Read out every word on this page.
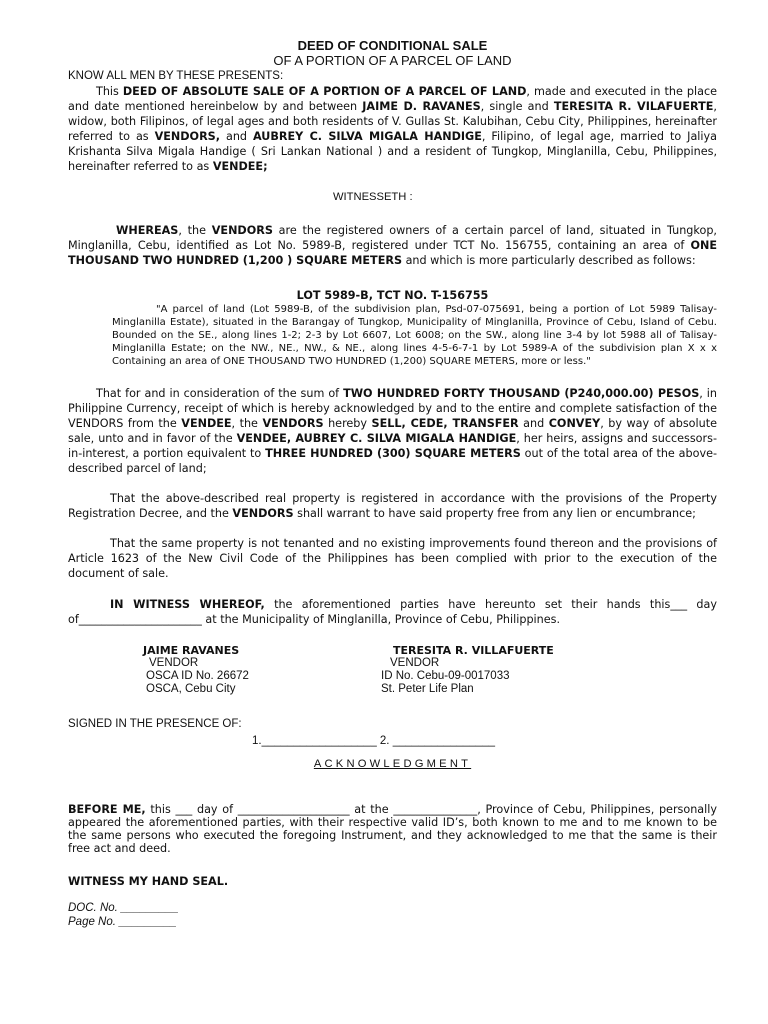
DEED OF CONDITIONAL SALE

OF A PORTION OF A PARCEL OF LAND

KNOW ALL MEN BY THESE PRESENTS:

This DEED OF ABSOLUTE SALE OF A PORTION OF A PARCEL OF LAND, made and executed in the place and date mentioned hereinbelow by and between JAIME D. RAVANES, single and TERESITA R. VILAFUERTE, widow, both Filipinos, of legal ages and both residents of V. Gullas St. Kalubihan, Cebu City, Philippines, hereinafter referred to as VENDORS, and AUBREY C. SILVA MIGALA HANDIGE, Filipino, of legal age, married to Jaliya Krishanta Silva Migala Handige ( Sri Lankan National ) and a resident of Tungkop, Minglanilla, Cebu, Philippines, hereinafter referred to as VENDEE;

WITNESSETH :

WHEREAS, the VENDORS are the registered owners of a certain parcel of land, situated in Tungkop, Minglanilla, Cebu, identified as Lot No. 5989-B, registered under TCT No. 156755, containing an area of ONE THOUSAND TWO HUNDRED (1,200 ) SQUARE METERS and which is more particularly described as follows:

LOT 5989-B, TCT NO. T-156755

"A parcel of land (Lot 5989-B, of the subdivision plan, Psd-07-075691, being a portion of Lot 5989 Talisay-Minglanilla Estate), situated in the Barangay of Tungkop, Municipality of Minglanilla, Province of Cebu, Island of Cebu. Bounded on the SE., along lines 1-2; 2-3 by Lot 6607, Lot 6008; on the SW., along line 3-4 by lot 5988 all of Talisay-Minglanilla Estate; on the NW., NE., NW., & NE., along lines 4-5-6-7-1 by Lot 5989-A of the subdivision plan X x x Containing an area of ONE THOUSAND TWO HUNDRED (1,200) SQUARE METERS, more or less."

That for and in consideration of the sum of TWO HUNDRED FORTY THOUSAND (P240,000.00) PESOS, in Philippine Currency, receipt of which is hereby acknowledged by and to the entire and complete satisfaction of the VENDORS from the VENDEE, the VENDORS hereby SELL, CEDE, TRANSFER and CONVEY, by way of absolute sale, unto and in favor of the VENDEE, AUBREY C. SILVA MIGALA HANDIGE, her heirs, assigns and successors-in-interest, a portion equivalent to THREE HUNDRED (300) SQUARE METERS out of the total area of the above-described parcel of land;

That the above-described real property is registered in accordance with the provisions of the Property Registration Decree, and the VENDORS shall warrant to have said property free from any lien or encumbrance;

That the same property is not tenanted and no existing improvements found thereon and the provisions of Article 1623 of the New Civil Code of the Philippines has been complied with prior to the execution of the document of sale.

IN WITNESS WHEREOF, the aforementioned parties have hereunto set their hands this___ day of______________________ at the Municipality of Minglanilla, Province of Cebu, Philippines.

JAIME RAVANES
VENDOR
OSCA ID No. 26672
OSCA, Cebu City
TERESITA R. VILLAFUERTE
VENDOR
ID No. Cebu-09-0017033
St. Peter Life Plan

SIGNED IN THE PRESENCE OF:

1.__________________ 2. ________________

ACKNOWLEDGMENT

BEFORE ME, this ___ day of ____________________ at the _______________, Province of Cebu, Philippines, personally appeared the aforementioned parties, with their respective valid ID’s, both known to me and to me known to be the same persons who executed the foregoing Instrument, and they acknowledged to me that the same is their free act and deed.

WITNESS MY HAND SEAL.

DOC. No. _________

Page No. _________
